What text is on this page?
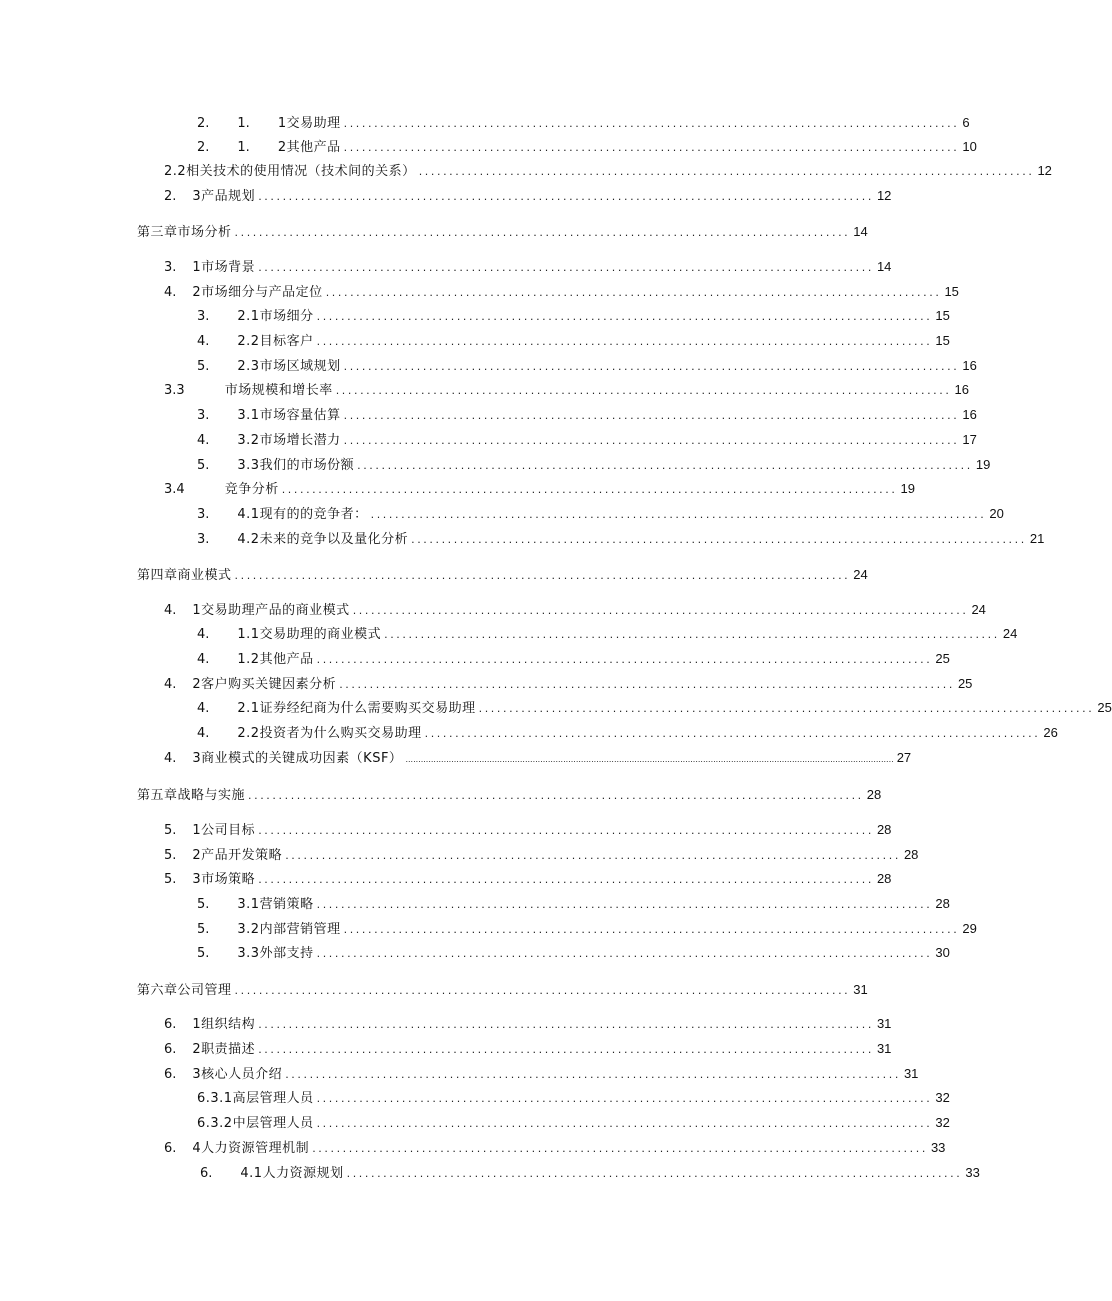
2. 1. 1交易助理 ..................................................................................................... 6
2. 1. 2其他产品 ..................................................................................................... 10
2.2相关技术的使用情况（技术间的关系） ..................................................................................................... 12
2. 3产品规划 ..................................................................................................... 12
第三章市场分析 ..................................................................................................... 14
3. 1市场背景 ..................................................................................................... 14
4. 2市场细分与产品定位 ..................................................................................................... 15
3. 2.1市场细分 ..................................................................................................... 15
4. 2.2目标客户 ..................................................................................................... 15
5. 2.3市场区域规划 ..................................................................................................... 16
3.3	市场规模和增长率 ..................................................................................................... 16
3. 3.1市场容量估算 ..................................................................................................... 16
4. 3.2市场增长潜力 ..................................................................................................... 17
5. 3.3我们的市场份额 ..................................................................................................... 19
3.4	竞争分析 ..................................................................................................... 19
3. 4.1现有的的竞争者： ..................................................................................................... 20
3. 4.2未来的竞争以及量化分析 ..................................................................................................... 21
第四章商业模式 ..................................................................................................... 24
4. 1交易助理产品的商业模式 ..................................................................................................... 24
4. 1.1交易助理的商业模式 ..................................................................................................... 24
4. 1.2其他产品 ..................................................................................................... 25
4. 2客户购买关键因素分析 ..................................................................................................... 25
4. 2.1证券经纪商为什么需要购买交易助理 ..................................................................................................... 25
4. 2.2投资者为什么购买交易助理 ..................................................................................................... 26
4. 3商业模式的关键成功因素（KSF） ................................................................................................................................................................................................ 27
第五章战略与实施 ..................................................................................................... 28
5. 1公司目标 ..................................................................................................... 28
5. 2产品开发策略 ..................................................................................................... 28
5. 3市场策略 ..................................................................................................... 28
5. 3.1营销策略 ..................................................................................................... 28
5. 3.2内部营销管理 ..................................................................................................... 29
5. 3.3外部支持 ..................................................................................................... 30
第六章公司管理 ..................................................................................................... 31
6. 1组织结构 ..................................................................................................... 31
6. 2职责描述 ..................................................................................................... 31
6. 3核心人员介绍 ..................................................................................................... 31
6.3.1高层管理人员 ..................................................................................................... 32
6.3.2中层管理人员 ..................................................................................................... 32
6. 4人力资源管理机制 ..................................................................................................... 33
6. 4.1人力资源规划 ..................................................................................................... 33
